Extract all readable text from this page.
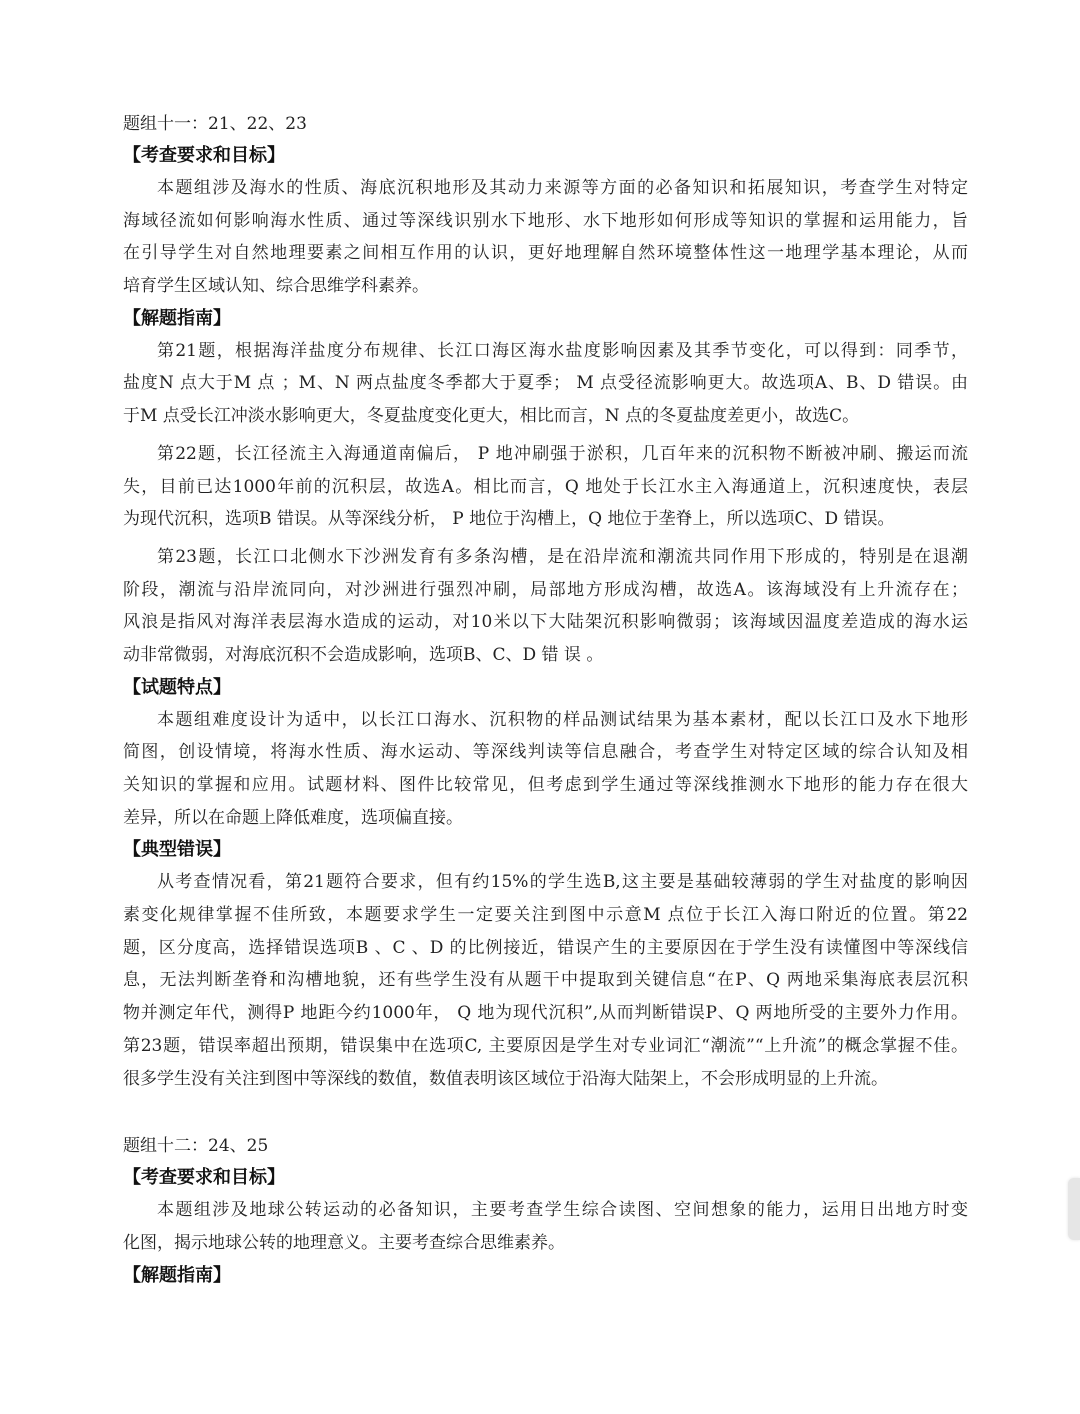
题组十一：21、22、23
【考查要求和目标】
本题组涉及海水的性质、海底沉积地形及其动力来源等方面的必备知识和拓展知识，考查学生对特定
海域径流如何影响海水性质、通过等深线识别水下地形、水下地形如何形成等知识的掌握和运用能力，旨
在引导学生对自然地理要素之间相互作用的认识，更好地理解自然环境整体性这一地理学基本理论，从而
培育学生区域认知、综合思维学科素养。
【解题指南】
第21题，根据海洋盐度分布规律、长江口海区海水盐度影响因素及其季节变化，可以得到：同季节，
盐度N 点大于M 点 ；M、N 两点盐度冬季都大于夏季； M 点受径流影响更大。故选项A、B、D 错误。由
于M 点受长江冲淡水影响更大，冬夏盐度变化更大，相比而言，N 点的冬夏盐度差更小，故选C。
第22题，长江径流主入海通道南偏后， P 地冲刷强于淤积，几百年来的沉积物不断被冲刷、搬运而流
失，目前已达1000年前的沉积层，故选A。相比而言，Q 地处于长江水主入海通道上，沉积速度快，表层
为现代沉积，选项B 错误。从等深线分析， P 地位于沟槽上，Q 地位于垄脊上，所以选项C、D 错误。
第23题，长江口北侧水下沙洲发育有多条沟槽，是在沿岸流和潮流共同作用下形成的，特别是在退潮
阶段，潮流与沿岸流同向，对沙洲进行强烈冲刷，局部地方形成沟槽，故选A。该海域没有上升流存在；
风浪是指风对海洋表层海水造成的运动，对10米以下大陆架沉积影响微弱；该海域因温度差造成的海水运
动非常微弱，对海底沉积不会造成影响，选项B、C、D 错 误 。
【试题特点】
本题组难度设计为适中，以长江口海水、沉积物的样品测试结果为基本素材，配以长江口及水下地形
简图，创设情境，将海水性质、海水运动、等深线判读等信息融合，考查学生对特定区域的综合认知及相
关知识的掌握和应用。试题材料、图件比较常见，但考虑到学生通过等深线推测水下地形的能力存在很大
差异，所以在命题上降低难度，选项偏直接。
【典型错误】
从考查情况看，第21题符合要求，但有约15%的学生选B,这主要是基础较薄弱的学生对盐度的影响因
素变化规律掌握不佳所致，本题要求学生一定要关注到图中示意M 点位于长江入海口附近的位置。第22
题，区分度高，选择错误选项B 、C 、D 的比例接近，错误产生的主要原因在于学生没有读懂图中等深线信
息，无法判断垄脊和沟槽地貌，还有些学生没有从题干中提取到关键信息“在P、Q 两地采集海底表层沉积
物并测定年代，测得P 地距今约1000年， Q 地为现代沉积”,从而判断错误P、Q 两地所受的主要外力作用。
第23题，错误率超出预期，错误集中在选项C, 主要原因是学生对专业词汇“潮流”“上升流”的概念掌握不佳。
很多学生没有关注到图中等深线的数值，数值表明该区域位于沿海大陆架上，不会形成明显的上升流。
题组十二：24、25
【考查要求和目标】
本题组涉及地球公转运动的必备知识，主要考查学生综合读图、空间想象的能力，运用日出地方时变
化图，揭示地球公转的地理意义。主要考查综合思维素养。
【解题指南】
